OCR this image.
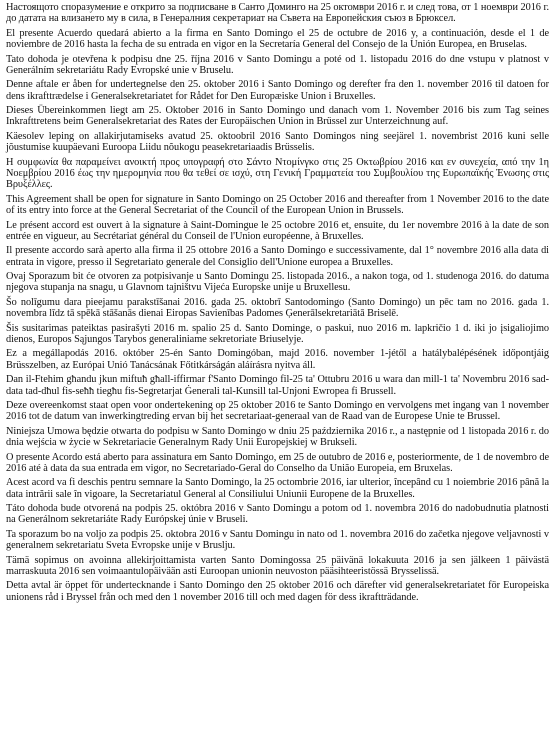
Настоящото споразумение е открито за подписване в Санто Доминго на 25 октомври 2016 г. и след това, от 1 ноември 2016 г. до датата на влизането му в сила, в Генералния секретариат на Съвета на Европейския съюз в Брюксел.

El presente Acuerdo quedará abierto a la firma en Santo Domingo el 25 de octubre de 2016 y, a continuación, desde el 1 de noviembre de 2016 hasta la fecha de su entrada en vigor en la Secretaría General del Consejo de la Unión Europea, en Bruselas.

Tato dohoda je otevřena k podpisu dne 25. října 2016 v Santo Domingu a poté od 1. listopadu 2016 do dne vstupu v platnost v Generálním sekretariátu Rady Evropské unie v Bruselu.

Denne aftale er åben for undertegnelse den 25. oktober 2016 i Santo Domingo og derefter fra den 1. november 2016 til datoen for dens ikrafttrædelse i Generalsekretariatet for Rådet for Den Europæiske Union i Bruxelles.

Dieses Übereinkommen liegt am 25. Oktober 2016 in Santo Domingo und danach vom 1. November 2016 bis zum Tag seines Inkrafttretens beim Generalsekretariat des Rates der Europäischen Union in Brüssel zur Unterzeichnung auf.

Käesolev leping on allakirjutamiseks avatud 25. oktoobril 2016 Santo Domingos ning seejärel 1. novembrist 2016 kuni selle jõustumise kuupäevani Euroopa Liidu nõukogu peasekretariaadis Brüsselis.

Η συμφωνία θα παραμείνει ανοικτή προς υπογραφή στο Σάντο Ντομίνγκο στις 25 Οκτωβρίου 2016 και εν συνεχεία, από την 1η Νοεμβρίου 2016 έως την ημερομηνία που θα τεθεί σε ισχύ, στη Γενική Γραμματεία του Συμβουλίου της Ευρωπαϊκής Ένωσης στις Βρυξέλλες.

This Agreement shall be open for signature in Santo Domingo on 25 October 2016 and thereafter from 1 November 2016 to the date of its entry into force at the General Secretariat of the Council of the European Union in Brussels.

Le présent accord est ouvert à la signature à Saint-Domingue le 25 octobre 2016 et, ensuite, du 1er novembre 2016 à la date de son entrée en vigueur, au Secrétariat général du Conseil de l'Union européenne, à Bruxelles.

Il presente accordo sarà aperto alla firma il 25 ottobre 2016 a Santo Domingo e successivamente, dal 1° novembre 2016 alla data di entrata in vigore, presso il Segretariato generale del Consiglio dell'Unione europea a Bruxelles.

Ovaj Sporazum bit će otvoren za potpisivanje u Santo Domingu 25. listopada 2016., a nakon toga, od 1. studenoga 2016. do datuma njegova stupanja na snagu, u Glavnom tajništvu Vijeća Europske unije u Bruxellesu.

Šo nolīgumu dara pieejamu parakstīšanai 2016. gada 25. oktobrī Santodomingo (Santo Domingo) un pēc tam no 2016. gada 1. novembra līdz tā spēkā stāšanās dienai Eiropas Savienības Padomes Ģenerālsekretariātā Briselē.

Šis susitarimas pateiktas pasirašyti 2016 m. spalio 25 d. Santo Dominge, o paskui, nuo 2016 m. lapkričio 1 d. iki jo įsigaliojimo dienos, Europos Sąjungos Tarybos generaliniame sekretoriate Briuselyje.

Ez a megállapodás 2016. október 25-én Santo Domingóban, majd 2016. november 1-jétől a hatálybalépésének időpontjáig Brüsszelben, az Európai Unió Tanácsának Főtitkárságán aláírásra nyitva áll.

Dan il-Ftehim għandu jkun miftuħ għall-iffirmar f'Santo Domingo fil-25 ta' Ottubru 2016 u wara dan mill-1 ta' Novembru 2016 sad-data tad-dħul fis-seħħ tiegħu fis-Segretarjat Ġenerali tal-Kunsill tal-Unjoni Ewropea fi Brussell.

Deze overeenkomst staat open voor ondertekening op 25 oktober 2016 te Santo Domingo en vervolgens met ingang van 1 november 2016 tot de datum van inwerkingtreding ervan bij het secretariaat-generaal van de Raad van de Europese Unie te Brussel.

Niniejsza Umowa będzie otwarta do podpisu w Santo Domingo w dniu 25 października 2016 r., a następnie od 1 listopada 2016 r. do dnia wejścia w życie w Sekretariacie Generalnym Rady Unii Europejskiej w Brukseli.

O presente Acordo está aberto para assinatura em Santo Domingo, em 25 de outubro de 2016 e, posteriormente, de 1 de novembro de 2016 até à data da sua entrada em vigor, no Secretariado-Geral do Conselho da União Europeia, em Bruxelas.

Acest acord va fi deschis pentru semnare la Santo Domingo, la 25 octombrie 2016, iar ulterior, începând cu 1 noiembrie 2016 până la data intrării sale în vigoare, la Secretariatul General al Consiliului Uniunii Europene de la Bruxelles.

Táto dohoda bude otvorená na podpis 25. októbra 2016 v Santo Domingu a potom od 1. novembra 2016 do nadobudnutia platnosti na Generálnom sekretariáte Rady Európskej únie v Bruseli.

Ta sporazum bo na voljo za podpis 25. oktobra 2016 v Santu Domingu in nato od 1. novembra 2016 do začetka njegove veljavnosti v generalnem sekretariatu Sveta Evropske unije v Bruslju.

Tämä sopimus on avoinna allekirjoittamista varten Santo Domingossa 25 päivänä lokakuuta 2016 ja sen jälkeen 1 päivästä marraskuuta 2016 sen voimaantulopäivään asti Euroopan unionin neuvoston pääsihteeristössä Brysselissä.

Detta avtal är öppet för undertecknande i Santo Domingo den 25 oktober 2016 och därefter vid generalsekretariatet för Europeiska unionens råd i Bryssel från och med den 1 november 2016 till och med dagen för dess ikraftträdande.
